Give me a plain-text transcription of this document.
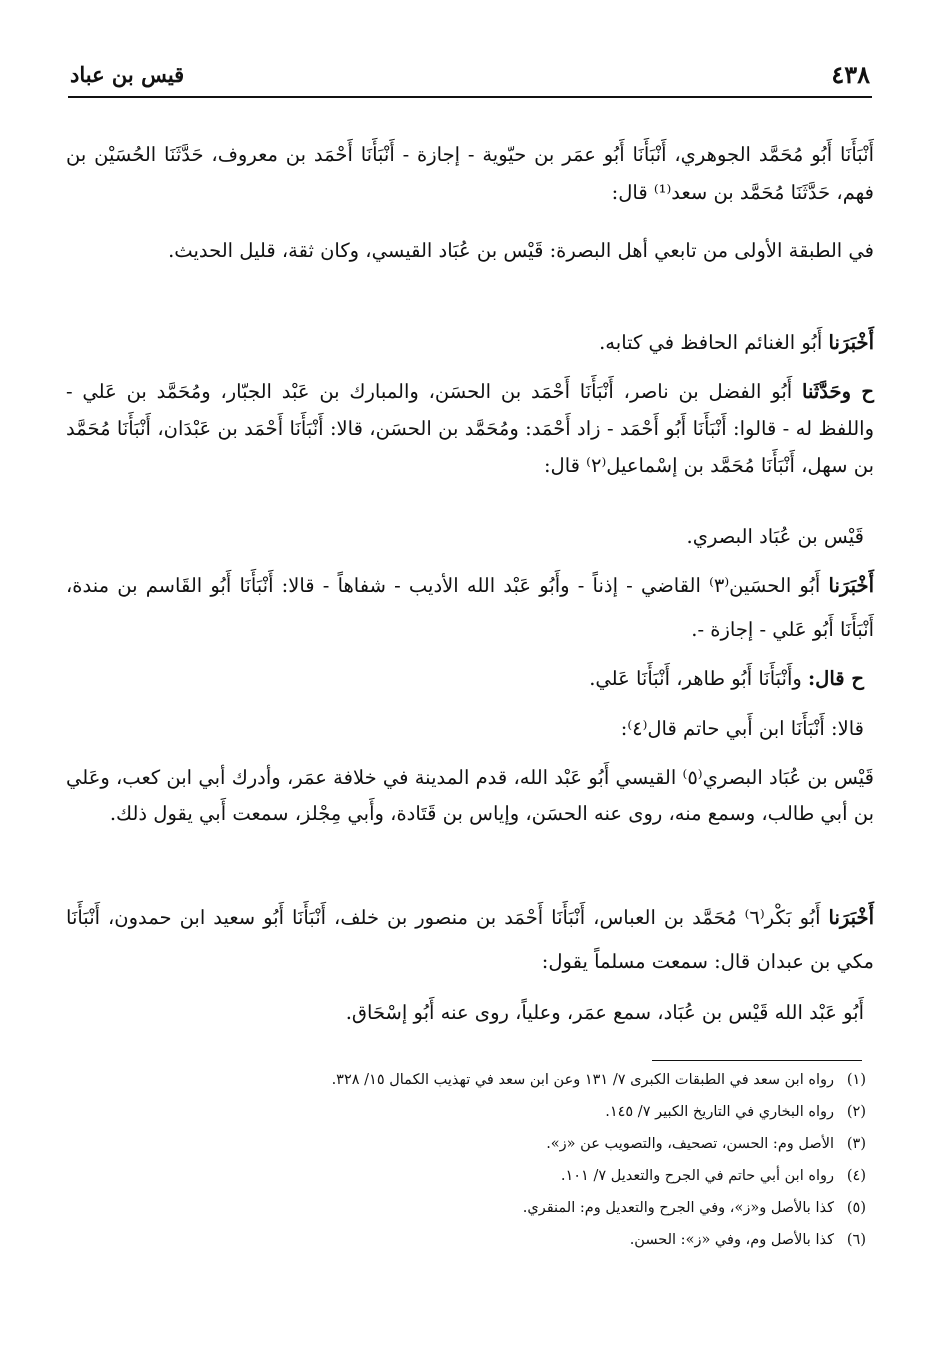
٤٣٨
قيس بن عباد
أَنْبَأَنَا أَبُو مُحَمَّد الجوهري، أَنْبَأَنَا أَبُو عمَر بن حيّوية - إجازة - أَنْبَأَنَا أَحْمَد بن معروف، حَدَّثَنَا الحُسَيْن بن فهم، حَدَّثَنَا مُحَمَّد بن سعد⁽¹⁾ قال:
في الطبقة الأولى من تابعي أهل البصرة: قَيْس بن عُبَاد القيسي، وكان ثقة، قليل الحديث.
أَخْبَرَنا أَبُو الغنائم الحافظ في كتابه.
ح وحَدَّثَنا أَبُو الفضل بن ناصر، أَنْبَأَنَا أَحْمَد بن الحسَن، والمبارك بن عَبْد الجبّار، ومُحَمَّد بن عَلي - واللفظ له - قالوا: أَنْبَأَنَا أَبُو أَحْمَد - زاد أَحْمَد: ومُحَمَّد بن الحسَن، قالا: أَنْبَأَنَا أَحْمَد بن عَبْدَان، أَنْبَأَنَا مُحَمَّد بن سهل، أَنْبَأَنَا مُحَمَّد بن إسْماعيل⁽٢⁾ قال:
قَيْس بن عُبَاد البصري.
أَخْبَرَنا أَبُو الحسَين⁽٣⁾ القاضي - إذناً - وأَبُو عَبْد الله الأديب - شفاهاً - قالا: أَنْبَأَنَا أَبُو القَاسم بن مندة، أَنْبَأَنَا أَبُو عَلي - إجازة -.
ح قال: وأَنْبَأَنَا أَبُو طاهر، أَنْبَأَنَا عَلي.
قالا: أَنْبَأَنَا ابن أَبي حاتم قال⁽٤⁾:
قَيْس بن عُبَاد البصري⁽٥⁾ القيسي أَبُو عَبْد الله، قدم المدينة في خلافة عمَر، وأدرك أبي ابن كعب، وعَلي بن أبي طالب، وسمع منه، روى عنه الحسَن، وإياس بن قَتَادة، وأَبي مِجْلز، سمعت أَبي يقول ذلك.
أَخْبَرَنا أَبُو بَكْر⁽٦⁾ مُحَمَّد بن العباس، أَنْبَأَنَا أَحْمَد بن منصور بن خلف، أَنْبَأَنَا أَبُو سعيد ابن حمدون، أَنْبَأَنَا مكي بن عبدان قال: سمعت مسلماً يقول:
أَبُو عَبْد الله قَيْس بن عُبَاد، سمع عمَر، وعلياً، روى عنه أَبُو إسْحَاق.
(١)رواه ابن سعد في الطبقات الكبرى ٧/ ١٣١ وعن ابن سعد في تهذيب الكمال ١٥/ ٣٢٨.
(٢)رواه البخاري في التاريخ الكبير ٧/ ١٤٥.
(٣)الأصل وم: الحسن، تصحيف، والتصويب عن «ز».
(٤)رواه ابن أبي حاتم في الجرح والتعديل ٧/ ١٠١.
(٥)كذا بالأصل و«ز»، وفي الجرح والتعديل وم: المنقري.
(٦)كذا بالأصل وم، وفي «ز»: الحسن.
